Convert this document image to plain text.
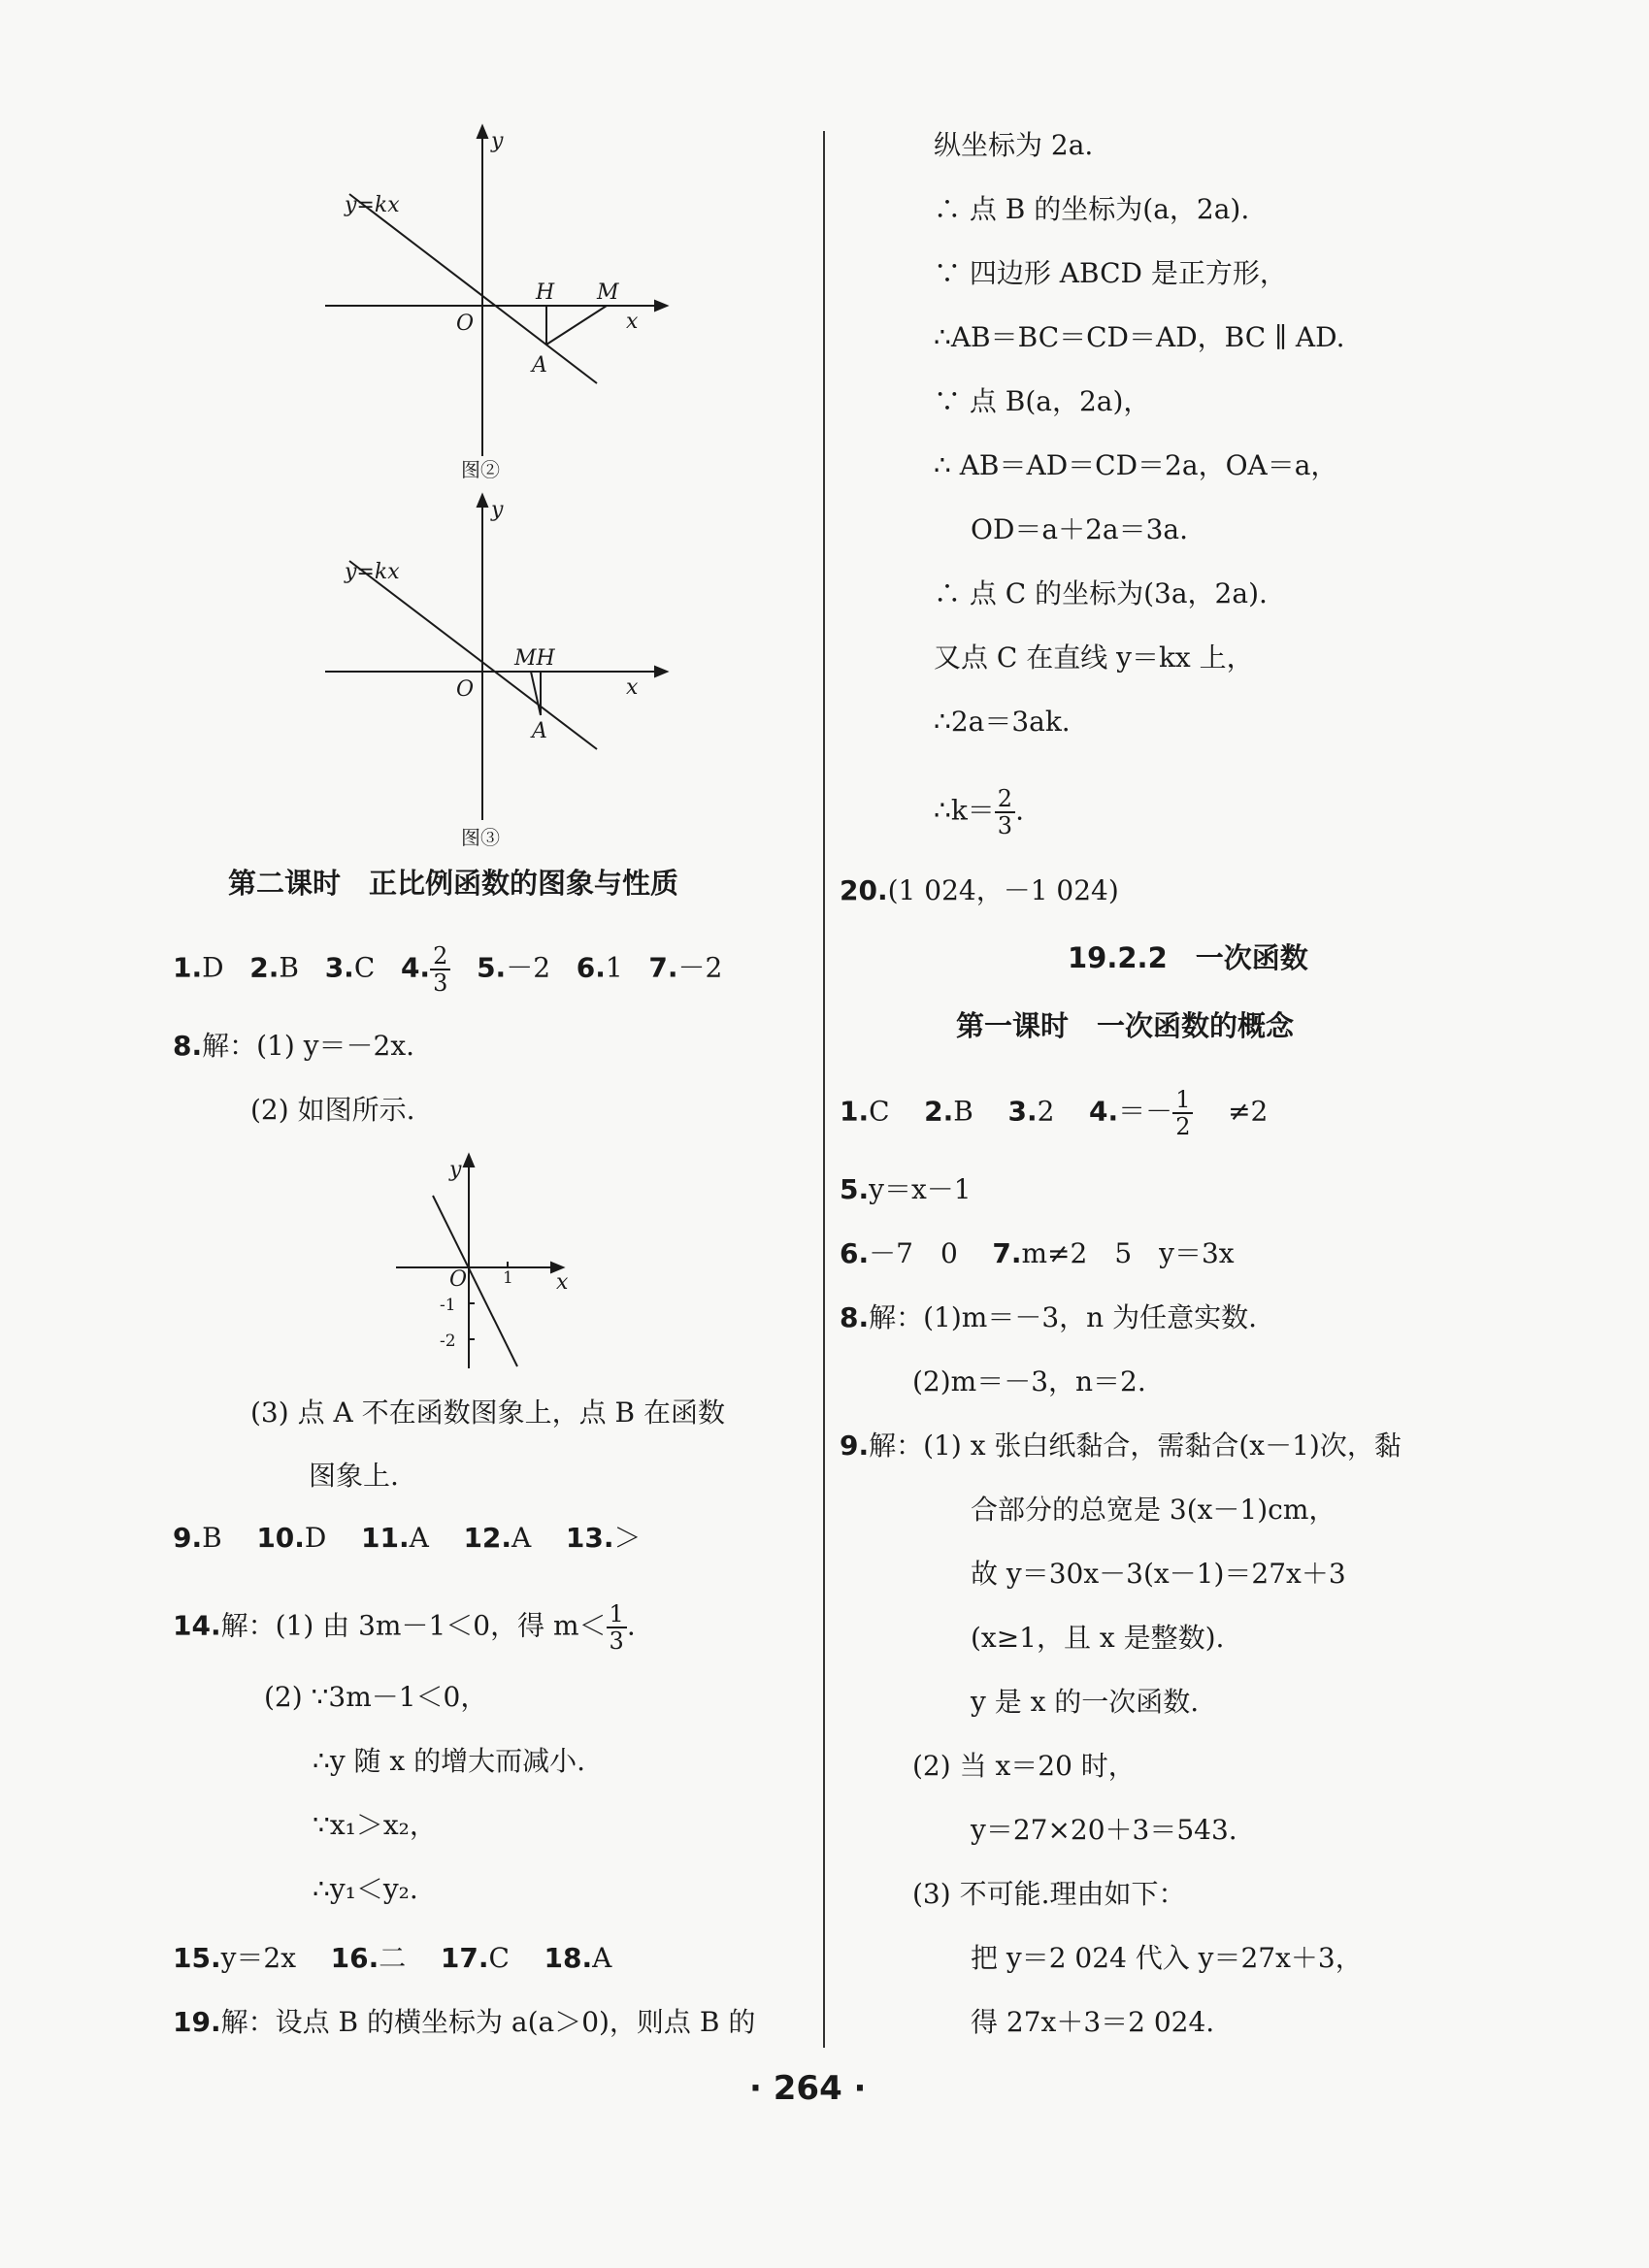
y=kx
y
x
O
H M
A
图②
y=kx
y
x
O
MH
A
图③
第二课时　正比例函数的图象与性质
1.D 2.B 3.C 4. $\frac{2}{3} 5.-2$ 6.1 7.－2
8.解：(1) y＝－2x.
(2) 如图所示.
y
x
O 1
-1
-2
(3) 点 A 不在函数图象上，点 B 在函数
图象上.
9.B 10.D 11.A 12.A 13.＞
14.解：(1) 由 3m－1＜0，得 $m< \frac{1}{3}$ .
(2) ∵3m－1＜0，
∴y 随 x 的增大而减小.
∵x₁＞x₂，
∴y₁＜y₂.
15.y＝2x 16.二 17.C 18.A
19.解：设点 B 的横坐标为 a(a＞0)，则点 B 的
纵坐标为 2a.
∴ 点 B 的坐标为(a，2a).
∵ 四边形 ABCD 是正方形，
∴AB＝BC＝CD＝AD，BC ∥ AD.
∵ 点 B(a，2a)，
∴ AB＝AD＝CD＝2a，OA＝a，
OD＝a＋2a＝3a.
∴ 点 C 的坐标为(3a，2a).
又点 C 在直线 y＝kx 上，
∴2a＝3ak.
∴k＝ $\frac{2}{3}$ .
20.(1 024，－1 024)
19.2.2　一次函数
第一课时　一次函数的概念
1.C 2.B 3.2 $4.=- \frac{1}{2} \ne 2$
5.y＝x－1
6.－7　0 7.m≠2　5　y＝3x
8.解：(1)m＝－3，n 为任意实数.
(2)m＝－3，n＝2.
9.解：(1) x 张白纸黏合，需黏合(x－1)次，黏
合部分的总宽是 3(x－1)cm，
故 y＝30x－3(x－1)＝27x＋3
(x≥1，且 x 是整数).
y 是 x 的一次函数.
(2) 当 x＝20 时，
y＝27×20＋3＝543.
(3) 不可能.理由如下：
把 y＝2 024 代入 y＝27x＋3，
得 27x＋3＝2 024.
· 264 ·
